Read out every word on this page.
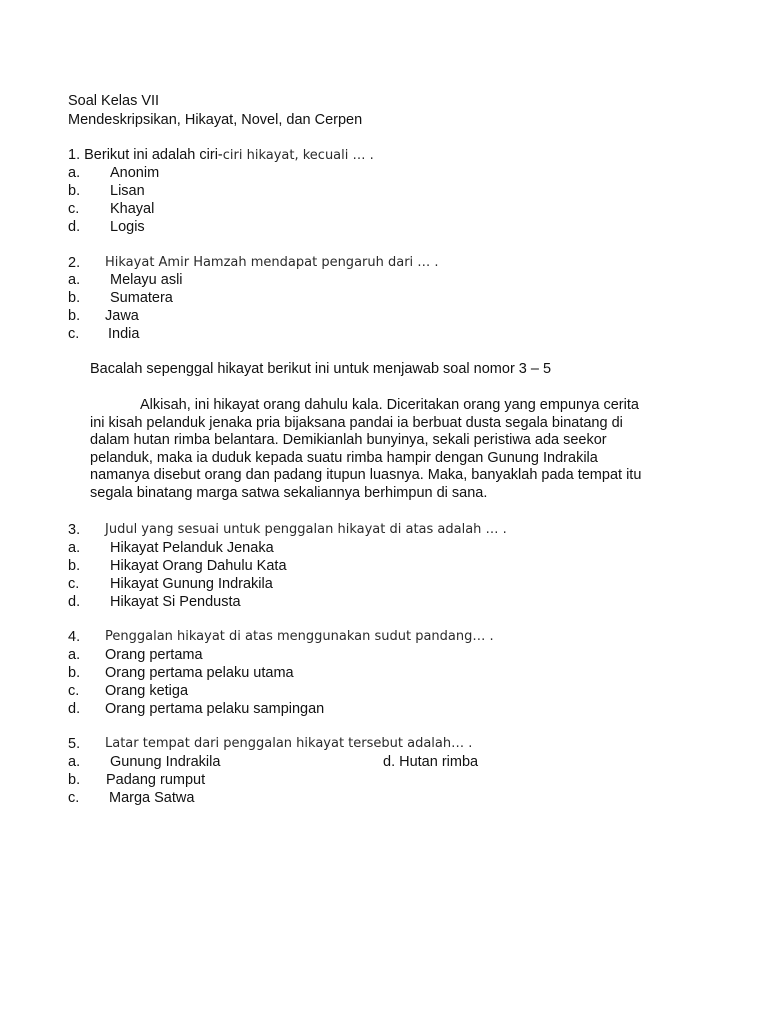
Soal Kelas VII
Mendeskripsikan, Hikayat, Novel, dan Cerpen
1. Berikut ini adalah ciri-ciri hikayat, kecuali … .
a. Anonim
b. Lisan
c. Khayal
d. Logis
2. Hikayat Amir Hamzah mendapat pengaruh dari … .
a. Melayu asli
b. Sumatera
b. Jawa
c. India
Bacalah sepenggal hikayat berikut ini untuk menjawab soal nomor 3 – 5
Alkisah, ini hikayat orang dahulu kala. Diceritakan orang yang empunya cerita
ini kisah pelanduk jenaka pria bijaksana pandai ia berbuat dusta segala binatang di
dalam hutan rimba belantara. Demikianlah bunyinya, sekali peristiwa ada seekor
pelanduk, maka ia duduk kepada suatu rimba hampir dengan Gunung Indrakila
namanya disebut orang dan padang itupun luasnya. Maka, banyaklah pada tempat itu
segala binatang marga satwa sekaliannya berhimpun di sana.
3. Judul yang sesuai untuk penggalan hikayat di atas adalah … .
a. Hikayat Pelanduk Jenaka
b. Hikayat Orang Dahulu Kata
c. Hikayat Gunung Indrakila
d. Hikayat Si Pendusta
4. Penggalan hikayat di atas menggunakan sudut pandang… .
a. Orang pertama
b. Orang pertama pelaku utama
c. Orang ketiga
d. Orang pertama pelaku sampingan
5. Latar tempat dari penggalan hikayat tersebut adalah… .
a. Gunung Indrakila	d. Hutan rimba
b. Padang rumput
c. Marga Satwa
